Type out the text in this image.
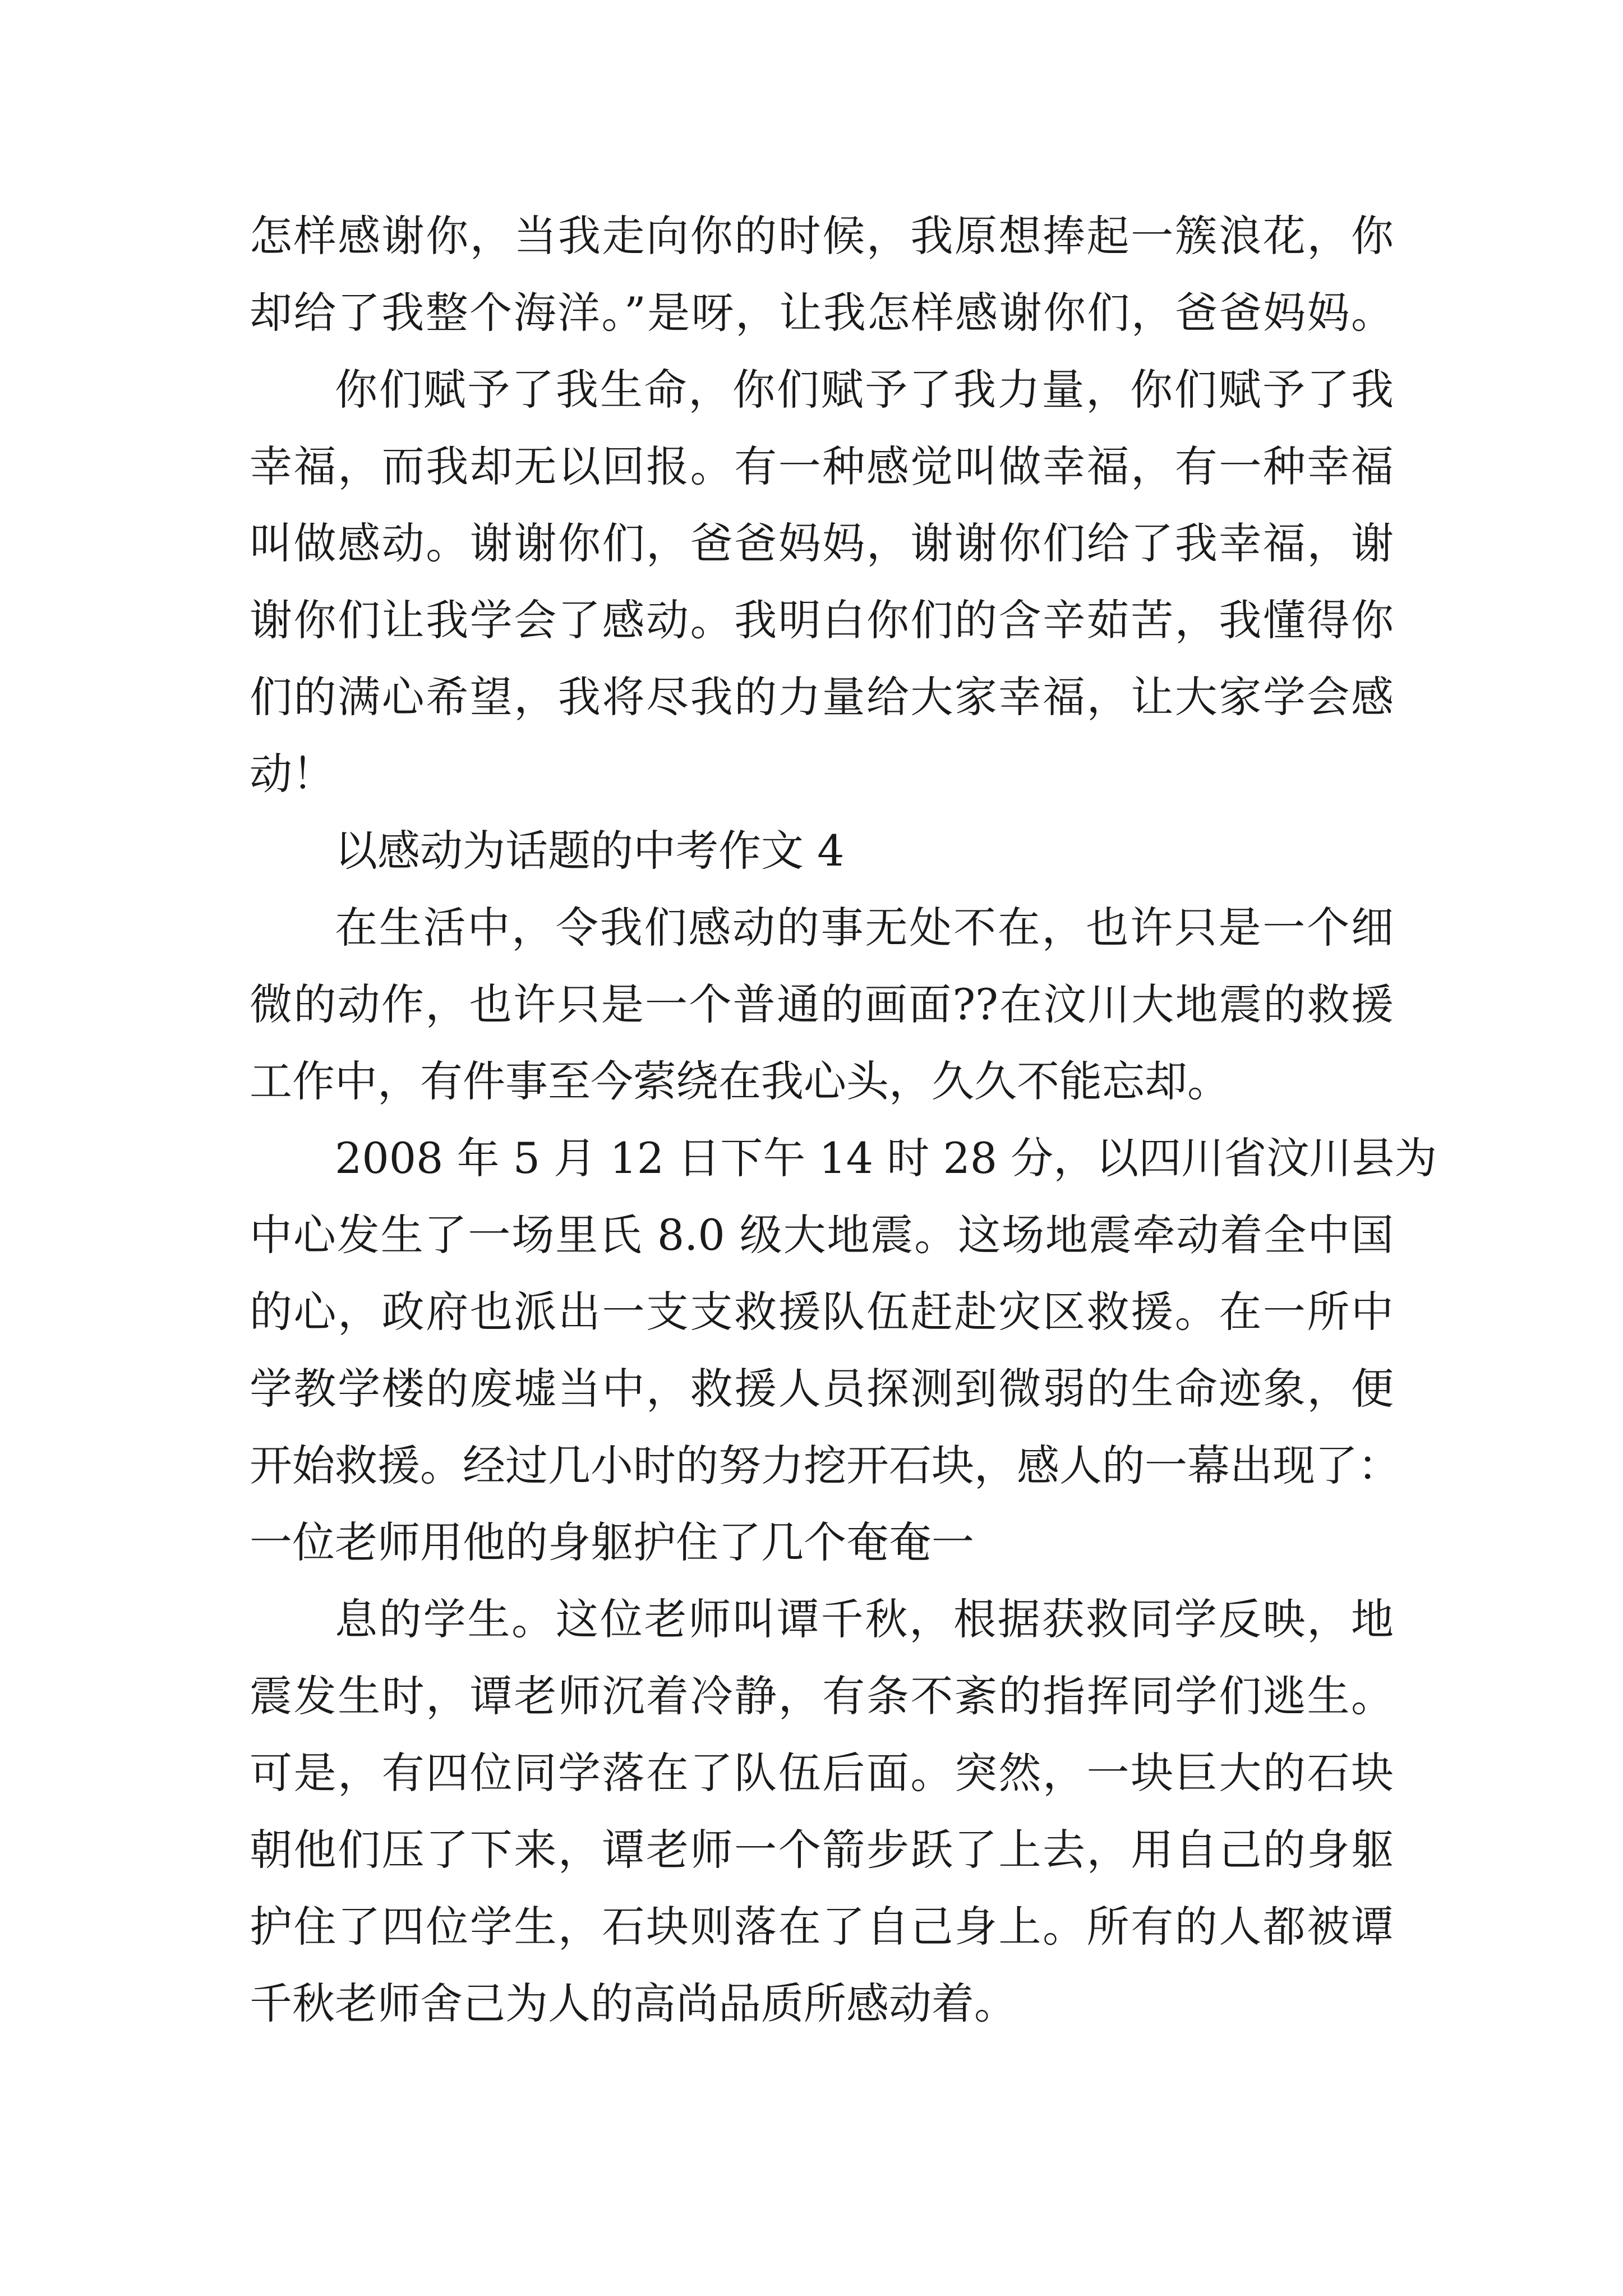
怎样感谢你，当我走向你的时候，我原想捧起一簇浪花，你
却给了我整个海洋。”是呀，让我怎样感谢你们，爸爸妈妈。
你们赋予了我生命，你们赋予了我力量，你们赋予了我
幸福，而我却无以回报。有一种感觉叫做幸福，有一种幸福
叫做感动。谢谢你们，爸爸妈妈，谢谢你们给了我幸福，谢
谢你们让我学会了感动。我明白你们的含辛茹苦，我懂得你
们的满心希望，我将尽我的力量给大家幸福，让大家学会感
动！
以感动为话题的中考作文 4
在生活中，令我们感动的事无处不在，也许只是一个细
微的动作，也许只是一个普通的画面??在汶川大地震的救援
工作中，有件事至今萦绕在我心头，久久不能忘却。
2008 年 5 月 12 日下午 14 时 28 分，以四川省汶川县为
中心发生了一场里氏 8.0 级大地震。这场地震牵动着全中国
的心，政府也派出一支支救援队伍赶赴灾区救援。在一所中
学教学楼的废墟当中，救援人员探测到微弱的生命迹象，便
开始救援。经过几小时的努力挖开石块，感人的一幕出现了：
一位老师用他的身躯护住了几个奄奄一
息的学生。这位老师叫谭千秋，根据获救同学反映，地
震发生时，谭老师沉着冷静，有条不紊的指挥同学们逃生。
可是，有四位同学落在了队伍后面。突然，一块巨大的石块
朝他们压了下来，谭老师一个箭步跃了上去，用自己的身躯
护住了四位学生，石块则落在了自己身上。所有的人都被谭
千秋老师舍己为人的高尚品质所感动着。
